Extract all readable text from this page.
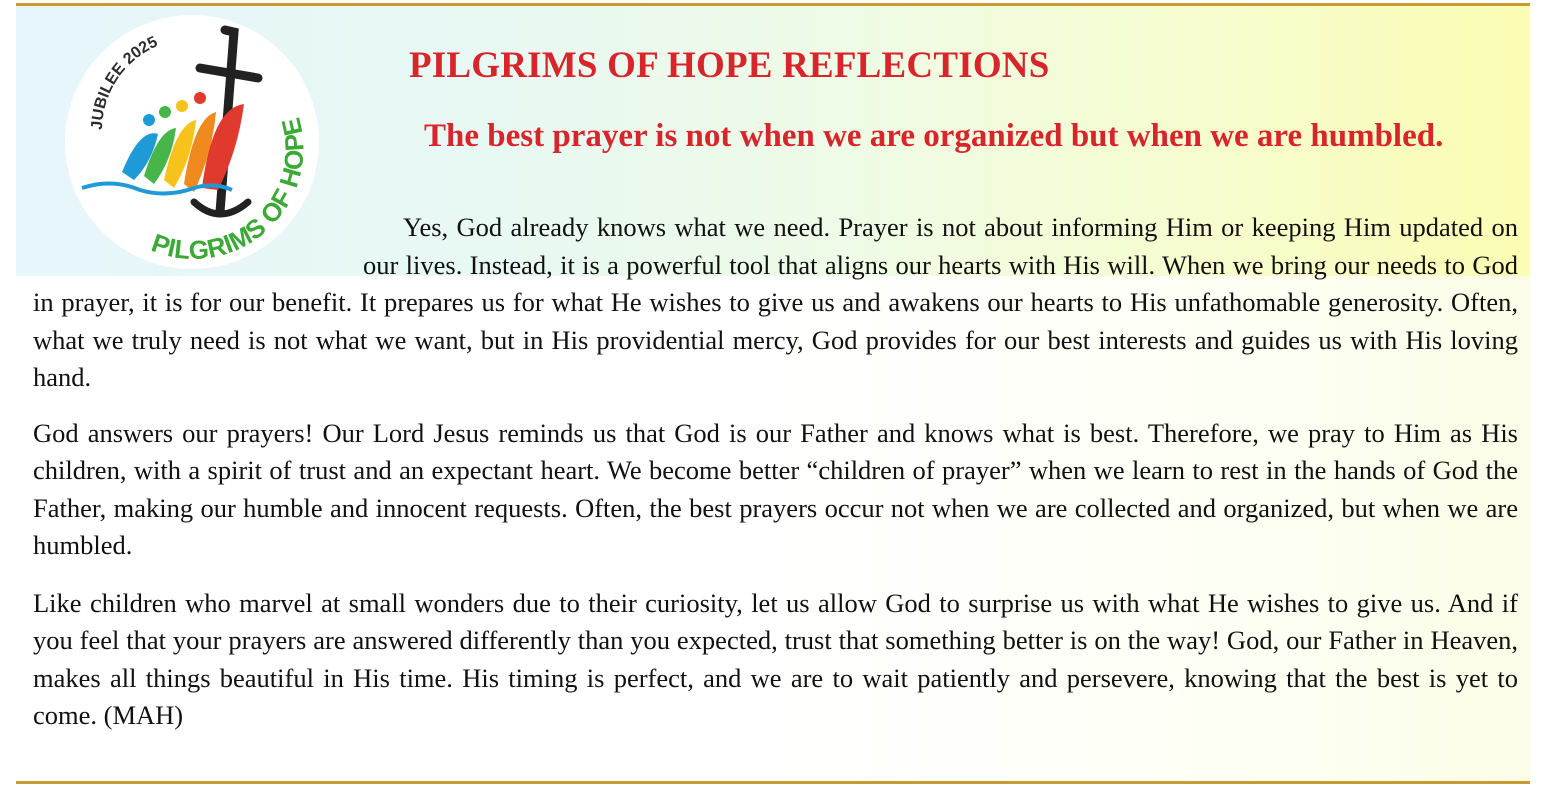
JUBILEE 2025
PILGRIMS OF HOPE
PILGRIMS OF HOPE REFLECTIONS
The best prayer is not when we are organized but when we are humbled.

Yes, God already knows what we need. Prayer is not about informing Him or keeping Him updated on our lives. Instead, it is a powerful tool that aligns our hearts with His will. When we bring our needs to God in prayer, it is for our benefit. It prepares us for what He wishes to give us and awakens our hearts to His unfathomable generosity. Often, what we truly need is not what we want, but in His providential mercy, God provides for our best interests and guides us with His loving hand.

God answers our prayers! Our Lord Jesus reminds us that God is our Father and knows what is best. Therefore, we pray to Him as His children, with a spirit of trust and an expectant heart. We become better “children of prayer” when we learn to rest in the hands of God the Father, making our humble and innocent requests. Often, the best prayers occur not when we are collected and organized, but when we are humbled.

Like children who marvel at small wonders due to their curiosity, let us allow God to surprise us with what He wishes to give us. And if you feel that your prayers are answered differently than you expected, trust that something better is on the way! God, our Father in Heaven, makes all things beautiful in His time. His timing is perfect, and we are to wait patiently and persevere, knowing that the best is yet to come. (MAH)
